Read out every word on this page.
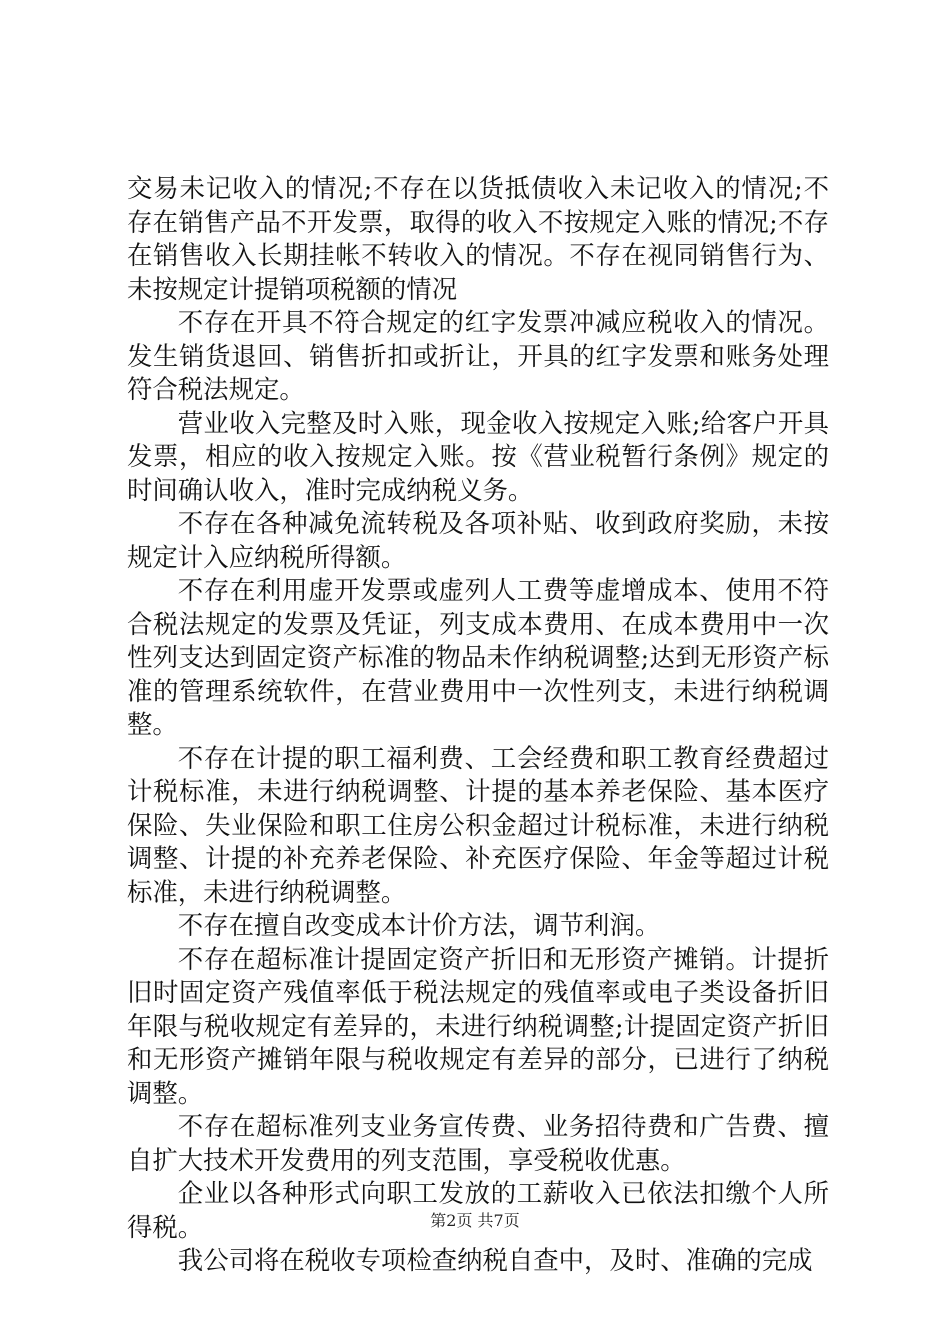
交易未记收入的情况;不存在以货抵债收入未记收入的情况;不存在销售产品不开发票，取得的收入不按规定入账的情况;不存在销售收入长期挂帐不转收入的情况。不存在视同销售行为、未按规定计提销项税额的情况

不存在开具不符合规定的红字发票冲减应税收入的情况。发生销货退回、销售折扣或折让，开具的红字发票和账务处理符合税法规定。

营业收入完整及时入账，现金收入按规定入账;给客户开具发票，相应的收入按规定入账。按《营业税暂行条例》规定的时间确认收入，准时完成纳税义务。

不存在各种减免流转税及各项补贴、收到政府奖励，未按规定计入应纳税所得额。

不存在利用虚开发票或虚列人工费等虚增成本、使用不符合税法规定的发票及凭证，列支成本费用、在成本费用中一次性列支达到固定资产标准的物品未作纳税调整;达到无形资产标准的管理系统软件，在营业费用中一次性列支，未进行纳税调整。

不存在计提的职工福利费、工会经费和职工教育经费超过计税标准，未进行纳税调整、计提的基本养老保险、基本医疗保险、失业保险和职工住房公积金超过计税标准，未进行纳税调整、计提的补充养老保险、补充医疗保险、年金等超过计税标准，未进行纳税调整。

不存在擅自改变成本计价方法，调节利润。

不存在超标准计提固定资产折旧和无形资产摊销。计提折旧时固定资产残值率低于税法规定的残值率或电子类设备折旧年限与税收规定有差异的，未进行纳税调整;计提固定资产折旧和无形资产摊销年限与税收规定有差异的部分，已进行了纳税调整。

不存在超标准列支业务宣传费、业务招待费和广告费、擅自扩大技术开发费用的列支范围，享受税收优惠。

企业以各种形式向职工发放的工薪收入已依法扣缴个人所得税。

我公司将在税收专项检查纳税自查中，及时、准确的完成

第2页 共7页
